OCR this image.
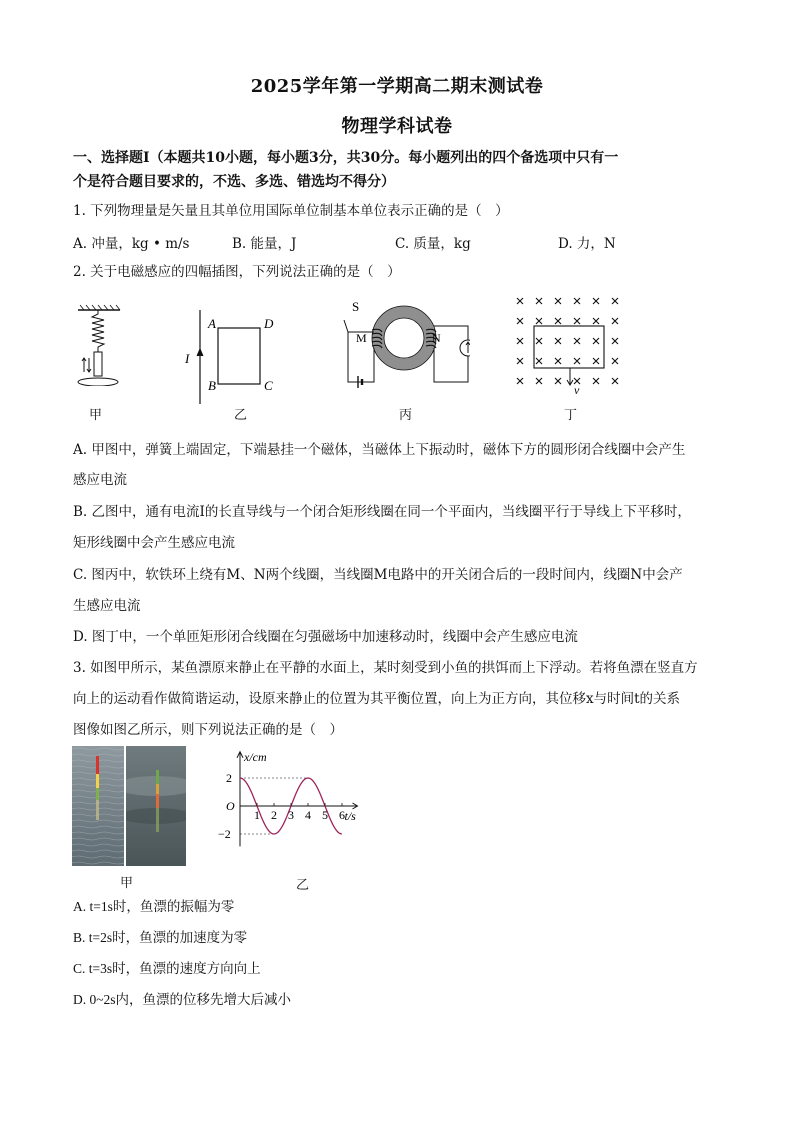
2025学年第一学期高二期末测试卷
物理学科试卷
一、选择题Ⅰ（本题共10小题，每小题3分，共30分。每小题列出的四个备选项中只有一
个是符合题目要求的，不选、多选、错选均不得分）
1. 下列物理量是矢量且其单位用国际单位制基本单位表示正确的是（　）
A. 冲量，kg • m/s	B. 能量，J	C. 质量，kg	D. 力，N
2. 关于电磁感应的四幅插图，下列说法正确的是（　）
甲
I
A	D
B	C
乙
S
M	N
丙
v
丁
A. 甲图中，弹簧上端固定，下端悬挂一个磁体，当磁体上下振动时，磁体下方的圆形闭合线圈中会产生
感应电流
B. 乙图中，通有电流I的长直导线与一个闭合矩形线圈在同一个平面内，当线圈平行于导线上下平移时，
矩形线圈中会产生感应电流
C. 图丙中，软铁环上绕有M、N两个线圈，当线圈M电路中的开关闭合后的一段时间内，线圈N中会产
生感应电流
D. 图丁中，一个单匝矩形闭合线圈在匀强磁场中加速移动时，线圈中会产生感应电流
3. 如图甲所示，某鱼漂原来静止在平静的水面上，某时刻受到小鱼的拱饵而上下浮动。若将鱼漂在竖直方
向上的运动看作做简谐运动，设原来静止的位置为其平衡位置，向上为正方向，其位移x与时间t的关系
图像如图乙所示，则下列说法正确的是（　）
甲
1 2 3 4 5 6
2
−2
O
x/cm
t/s
乙
A. t=1s时，鱼漂的振幅为零
B. t=2s时，鱼漂的加速度为零
C. t=3s时，鱼漂的速度方向向上
D. 0~2s内，鱼漂的位移先增大后减小
